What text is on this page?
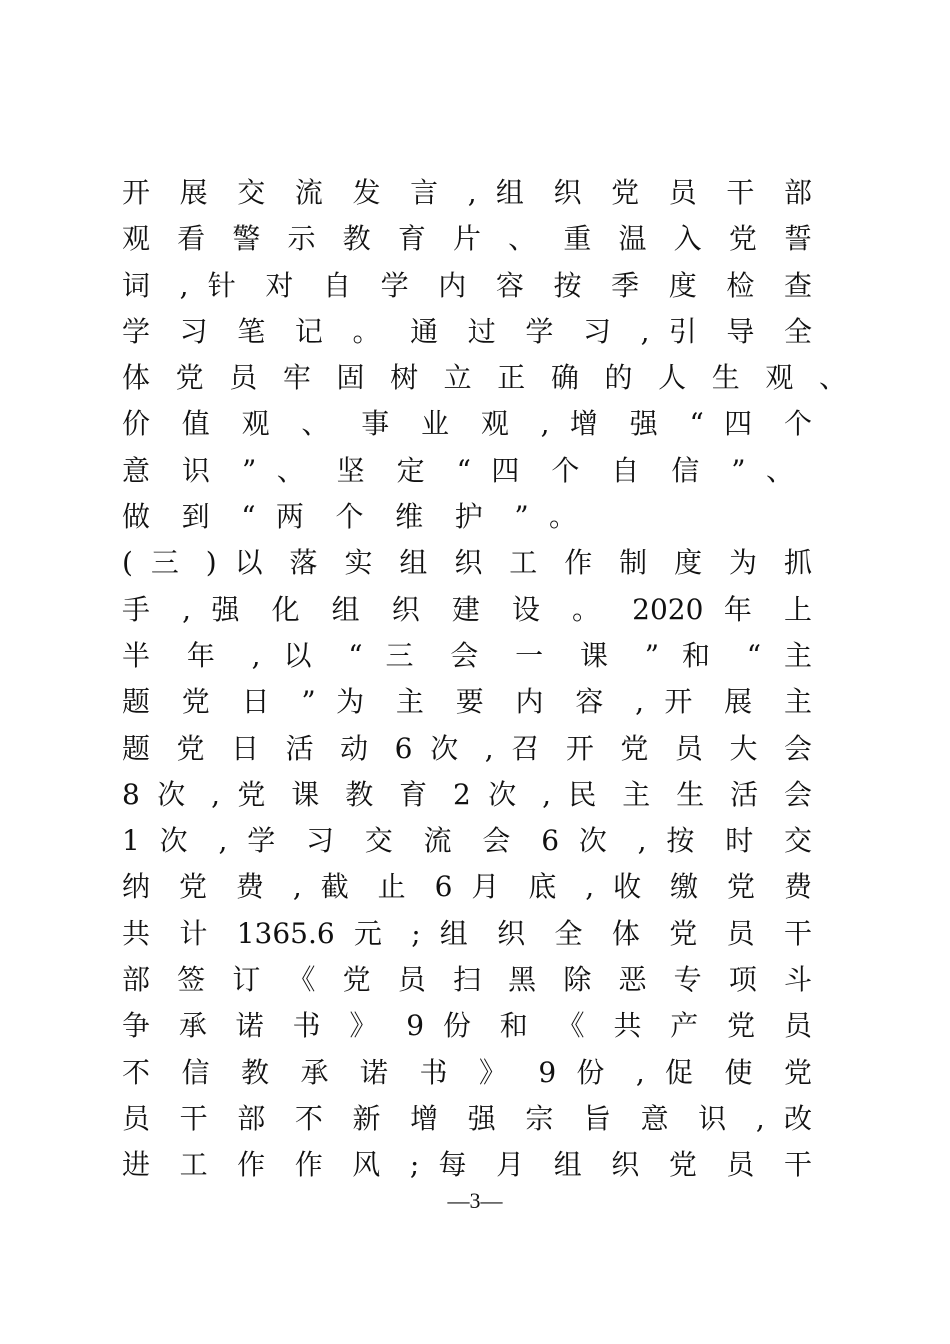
开 展 交 流 发 言 , 组 织 党 员 干 部
观 看 警 示 教 育 片 、 重 温 入 党 誓
词 , 针 对 自 学 内 容 按 季 度 检 查
学 习 笔 记 。 通 过 学 习 , 引 导 全
体 党 员 牢 固 树 立 正 确 的 人 生 观 、
价 值 观 、 事 业 观 , 增 强 “ 四 个
意 识 ” 、 坚 定 “ 四 个 自 信 ” 、
做 到 “ 两 个 维 护 ” 。
( 三 ) 以 落 实 组 织 工 作 制 度 为 抓
手 , 强 化 组 织 建 设 。 2020 年 上
半 年 , 以 “ 三 会 一 课 ” 和 “ 主
题 党 日 ” 为 主 要 内 容 , 开 展 主
题 党 日 活 动 6 次 , 召 开 党 员 大 会
8 次 , 党 课 教 育 2 次 , 民 主 生 活 会
1 次 , 学 习 交 流 会 6 次 , 按 时 交
纳 党 费 , 截 止 6 月 底 , 收 缴 党 费
共 计 1365.6 元 ; 组 织 全 体 党 员 干
部 签 订 《 党 员 扫 黑 除 恶 专 项 斗
争 承 诺 书 》 9 份 和 《 共 产 党 员
不 信 教 承 诺 书 》 9 份 , 促 使 党
员 干 部 不 新 增 强 宗 旨 意 识 , 改
进 工 作 作 风 ; 每 月 组 织 党 员 干
—3—
